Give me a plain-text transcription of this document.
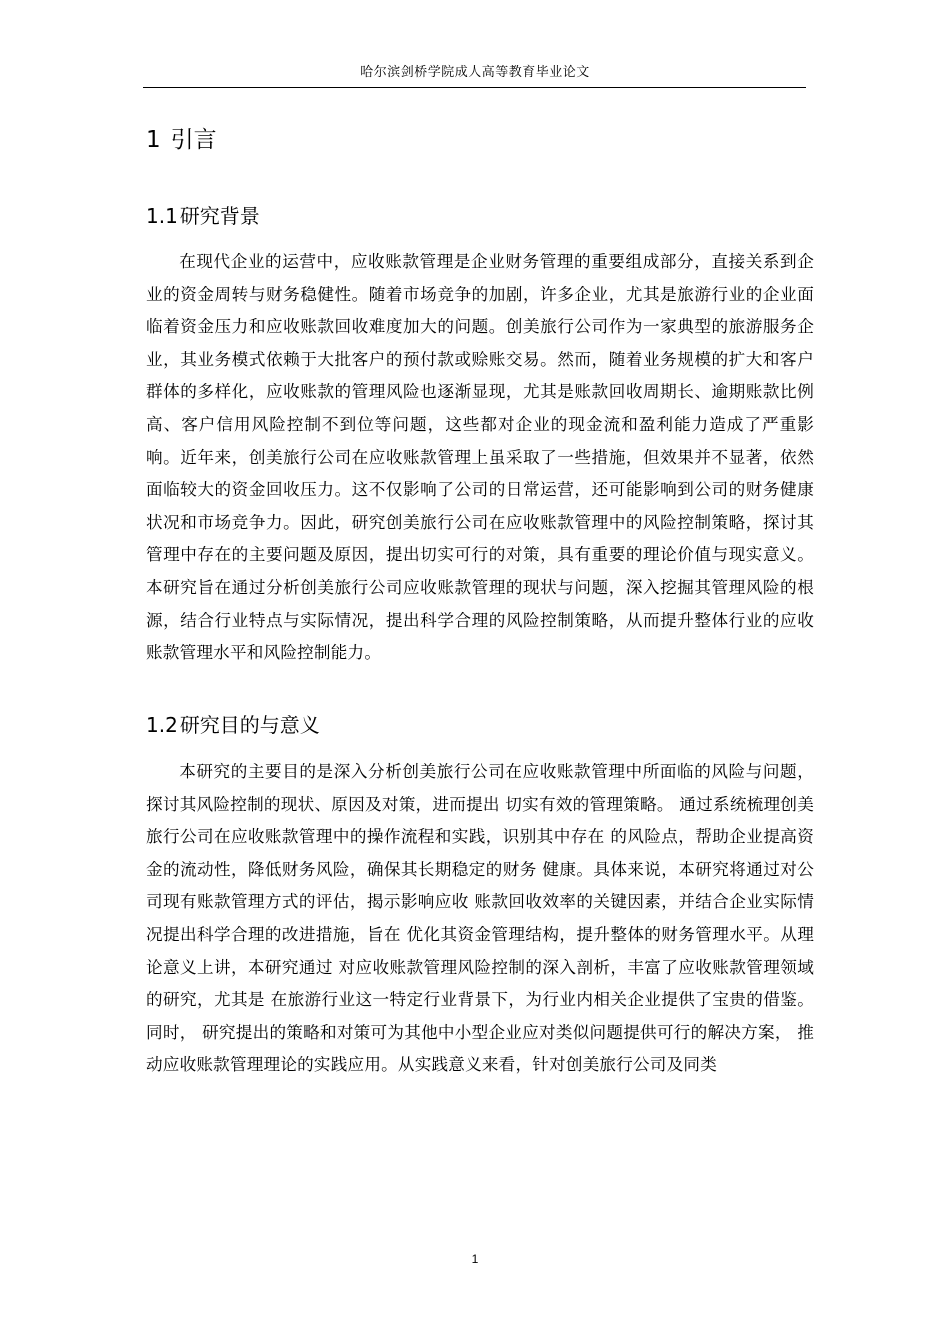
哈尔滨剑桥学院成人高等教育毕业论文
1 引言
1.1 研究背景

在现代企业的运营中，应收账款管理是企业财务管理的重要组成部分，直接关系到企业的资金周转与财务稳健性。随着市场竞争的加剧，许多企业，尤其是旅游行业的企业面临着资金压力和应收账款回收难度加大的问题。创美旅行公司作为一家典型的旅游服务企业，其业务模式依赖于大批客户的预付款或赊账交易。然而，随着业务规模的扩大和客户群体的多样化，应收账款的管理风险也逐渐显现，尤其是账款回收周期长、逾期账款比例高、客户信用风险控制不到位等问题，这些都对企业的现金流和盈利能力造成了严重影响。近年来，创美旅行公司在应收账款管理上虽采取了一些措施，但效果并不显著，依然面临较大的资金回收压力。这不仅影响了公司的日常运营，还可能影响到公司的财务健康状况和市场竞争力。因此，研究创美旅行公司在应收账款管理中的风险控制策略，探讨其管理中存在的主要问题及原因，提出切实可行的对策，具有重要的理论价值与现实意义。本研究旨在通过分析创美旅行公司应收账款管理的现状与问题，深入挖掘其管理风险的根源，结合行业特点与实际情况，提出科学合理的风险控制策略，从而提升整体行业的应收账款管理水平和风险控制能力。

1.2 研究目的与意义

本研究的主要目的是深入分析创美旅行公司在应收账款管理中所面临的风险与问题，探讨其风险控制的现状、原因及对策，进而提出 切实有效的管理策略。 通过系统梳理创美旅行公司在应收账款管理中的操作流程和实践，识别其中存在 的风险点，帮助企业提高资金的流动性，降低财务风险，确保其长期稳定的财务 健康。具体来说，本研究将通过对公司现有账款管理方式的评估，揭示影响应收 账款回收效率的关键因素，并结合企业实际情况提出科学合理的改进措施，旨在 优化其资金管理结构，提升整体的财务管理水平。从理论意义上讲，本研究通过 对应收账款管理风险控制的深入剖析，丰富了应收账款管理领域的研究，尤其是 在旅游行业这一特定行业背景下，为行业内相关企业提供了宝贵的借鉴。同时， 研究提出的策略和对策可为其他中小型企业应对类似问题提供可行的解决方案， 推动应收账款管理理论的实践应用。从实践意义来看，针对创美旅行公司及同类

1
